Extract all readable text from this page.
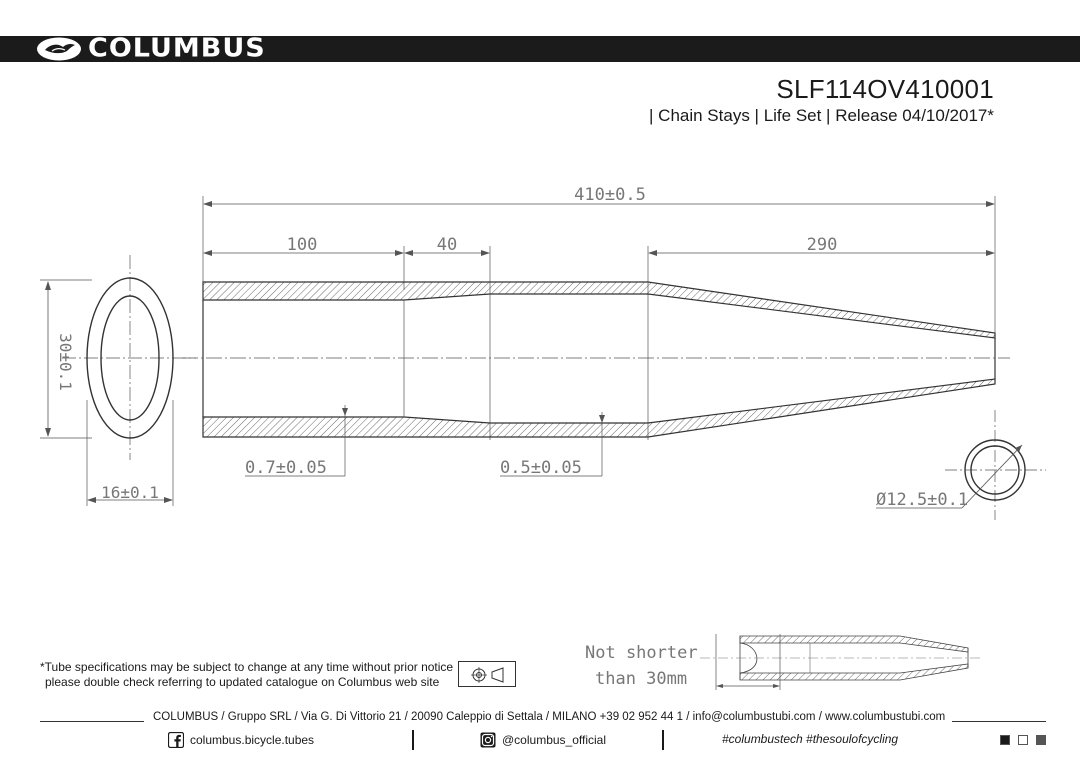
COLUMBUS
SLF114OV410001
| Chain Stays | Life Set | Release 04/10/2017*
30±0.1
16±0.1
410±0.5
100	40	290
0.7±0.05	0.5±0.05
Ø12.5±0.1
Not shorter
than 30mm
*Tube specifications may be subject to change at any time without prior notice
please double check referring to updated catalogue on Columbus web site
COLUMBUS / Gruppo SRL / Via G. Di Vittorio 21 / 20090 Caleppio di Settala / MILANO +39 02 952 44 1 / info@columbustubi.com / www.columbustubi.com
columbus.bicycle.tubes	@columbus_official	#columbustech #thesoulofcycling
